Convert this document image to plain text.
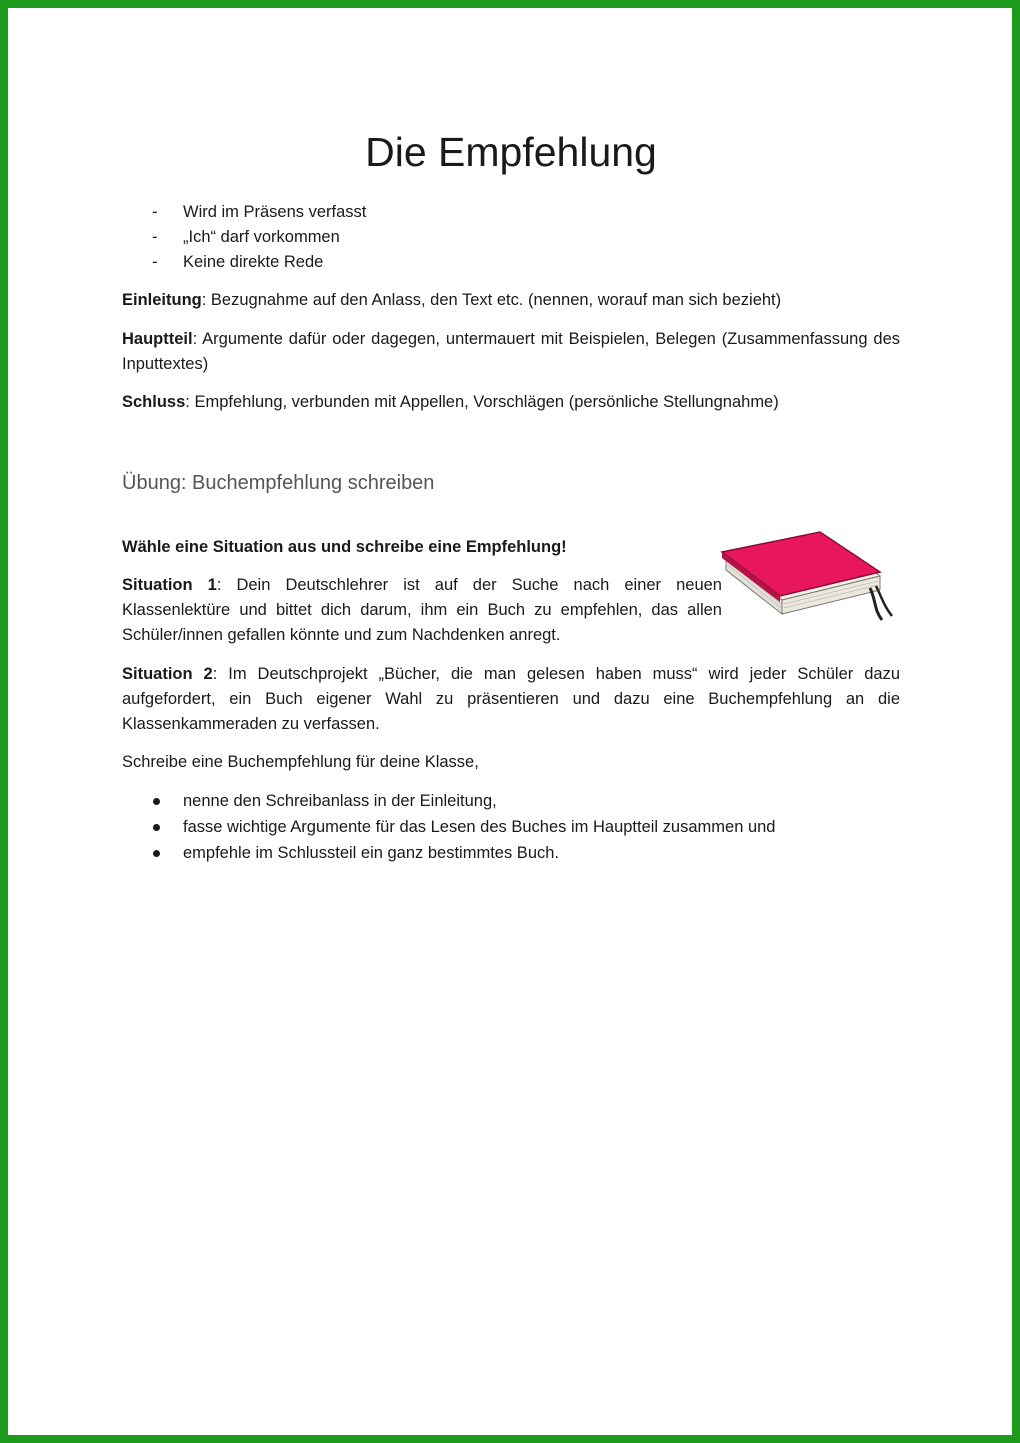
Die Empfehlung
-	Wird im Präsens verfasst
-	„Ich“ darf vorkommen
-	Keine direkte Rede

Einleitung: Bezugnahme auf den Anlass, den Text etc. (nennen, worauf man sich bezieht)

Hauptteil: Argumente dafür oder dagegen, untermauert mit Beispielen, Belegen (Zusammenfassung des Inputtextes)

Schluss: Empfehlung, verbunden mit Appellen, Vorschlägen (persönliche Stellungnahme)

Übung: Buchempfehlung schreiben

Wähle eine Situation aus und schreibe eine Empfehlung!

Situation 1: Dein Deutschlehrer ist auf der Suche nach einer neuen Klassenlektüre und bittet dich darum, ihm ein Buch zu empfehlen, das allen Schüler/innen gefallen könnte und zum Nachdenken anregt.

Situation 2: Im Deutschprojekt „Bücher, die man gelesen haben muss“ wird jeder Schüler dazu aufgefordert, ein Buch eigener Wahl zu präsentieren und dazu eine Buchempfehlung an die Klassenkammeraden zu verfassen.

Schreibe eine Buchempfehlung für deine Klasse,

nenne den Schreibanlass in der Einleitung,
fasse wichtige Argumente für das Lesen des Buches im Hauptteil zusammen und
empfehle im Schlussteil ein ganz bestimmtes Buch.
